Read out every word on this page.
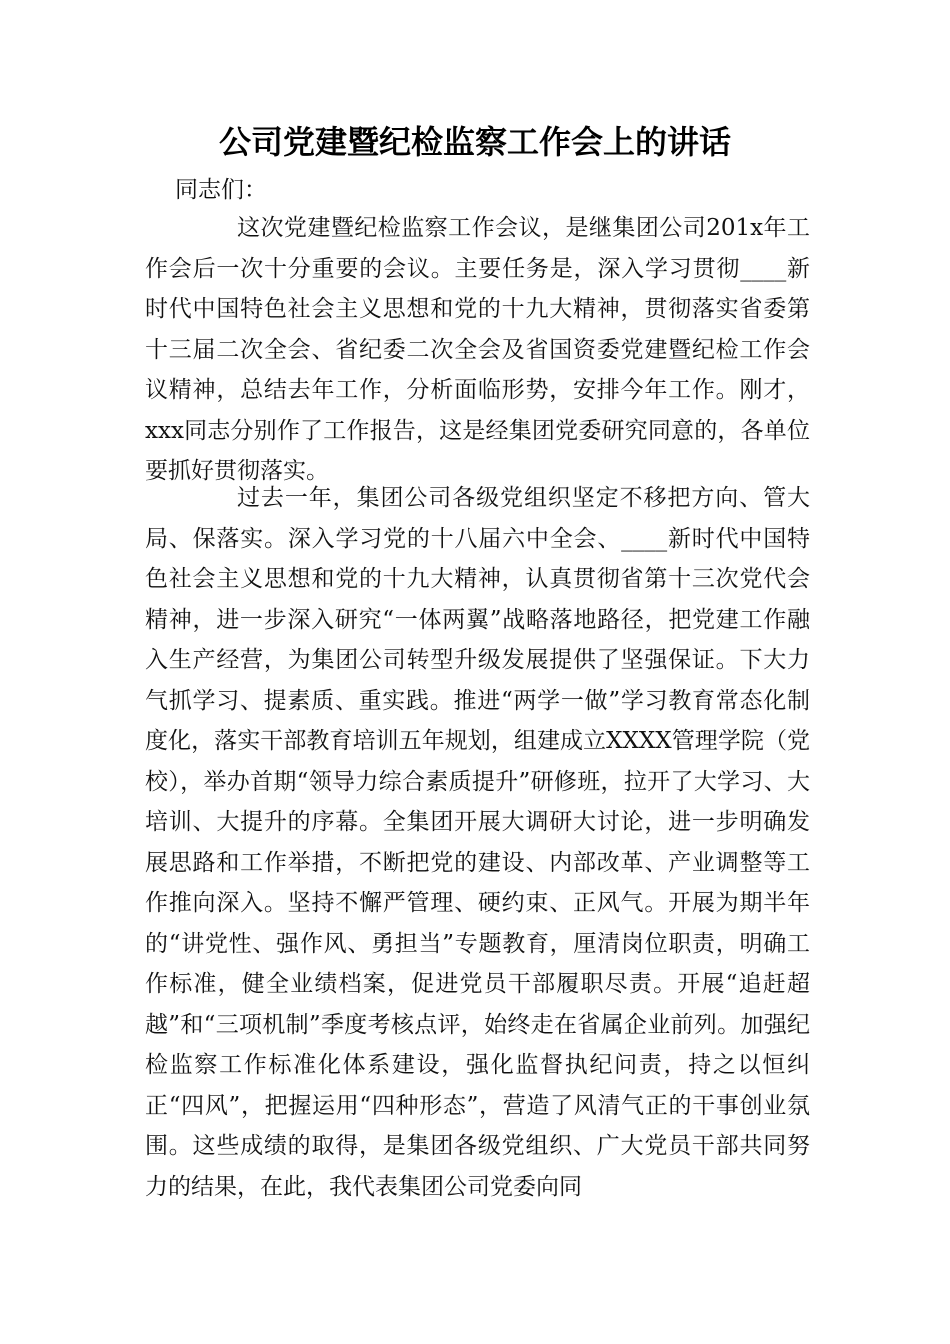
公司党建暨纪检监察工作会上的讲话

同志们：

这次党建暨纪检监察工作会议，是继集团公司201x年工作会后一次十分重要的会议。主要任务是，深入学习贯彻____新时代中国特色社会主义思想和党的十九大精神，贯彻落实省委第十三届二次全会、省纪委二次全会及省国资委党建暨纪检工作会议精神，总结去年工作，分析面临形势，安排今年工作。刚才，xxx同志分别作了工作报告，这是经集团党委研究同意的，各单位要抓好贯彻落实。

过去一年，集团公司各级党组织坚定不移把方向、管大局、保落实。深入学习党的十八届六中全会、____新时代中国特色社会主义思想和党的十九大精神，认真贯彻省第十三次党代会精神，进一步深入研究“一体两翼”战略落地路径，把党建工作融入生产经营，为集团公司转型升级发展提供了坚强保证。下大力气抓学习、提素质、重实践。推进“两学一做”学习教育常态化制度化，落实干部教育培训五年规划，组建成立XXXX管理学院（党校），举办首期“领导力综合素质提升”研修班，拉开了大学习、大培训、大提升的序幕。全集团开展大调研大讨论，进一步明确发展思路和工作举措，不断把党的建设、内部改革、产业调整等工作推向深入。坚持不懈严管理、硬约束、正风气。开展为期半年的“讲党性、强作风、勇担当”专题教育，厘清岗位职责，明确工作标准，健全业绩档案，促进党员干部履职尽责。开展“追赶超越”和“三项机制”季度考核点评，始终走在省属企业前列。加强纪检监察工作标准化体系建设，强化监督执纪问责，持之以恒纠正“四风”，把握运用“四种形态”，营造了风清气正的干事创业氛围。这些成绩的取得，是集团各级党组织、广大党员干部共同努力的结果，在此，我代表集团公司党委向同
